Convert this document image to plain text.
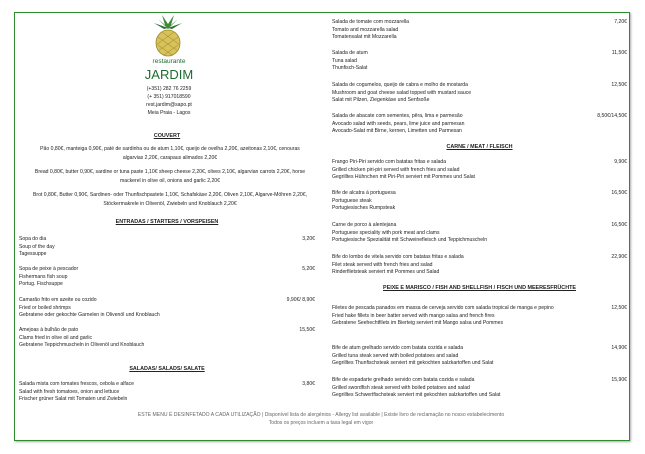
restaurante
JARDIM
(+351) 282 76 2259
(+ 351) 917018590
rest.jardim@sapo.pt
Meia Praia - Lagos
COUVERT
Pão 0,80€, manteiga 0,90€, paté de sardinha ou de atum 1,10€, queijo de ovelha 2,20€, azeitonas 2,10€, cenouras algarvias 2,20€, carapaus alimados 2,20€
Bread 0,80€, butter 0,90€, sardine or tuna paste 1,10€ sheep cheese 2,20€, olives 2,10€, algarvian carrots 2,20€, horse mackerel in olive oil, onions and garlic 2,20€
Brot 0,80€, Butter 0,90€, Sardinen- oder Thunfischpastete 1,10€, Schafskäse 2,20€, Oliven 2,10€, Algarve-Möhren 2,20€, Stöckermakrele in Olivenöl, Zwiebeln und Knoblauch 2,20€
ENTRADAS / STARTERS / VORSPEISEN
Sopa do dia
Soup of the day
Tagessuppe
3,20€
Sopa de peixe à pescador
Fishermans fish soup
Portug. Fischsuppe
5,20€
Camarão frito em azeite ou cozido
Fried or boiled shrimps
Gebratene oder gekochte Garnelen in Olivenöl und Knoblauch
9,90€/ 8,90€
Amejoas à bulhão de pato
Clams fried in olive oil and garlic
Gebratene Teppichmuscheln in Olivenöl und Knoblauch
15,50€
SALADAS/ SALADS/ SALATE
Salada mista com tomates frescos, cebola e alface
Salad with fresh tomatoes, onion and lettuce
Frischer grüner Salat mit Tomaten und Zwiebeln
3,80€
Salada de tomate com mozzarella
Tomato and mozzarella salad
Tomatensalat mit Mozzarella
7,20€
Salada de atum
Tuna salad
Thunfisch-Salat
11,50€
Salada de cogumelos, queijo de cabra e molho de mostarda
Mushroom and goat cheese salad topped with mustard sauce
Salat mit Pilzen, Ziegenkäse und Senfsoße
12,50€
Salada de abacate com sementes, pêra, lima e parmesão
Avocado salad with seeds, pears, lime juice and parmesan
Avocado-Salat mit Birne, kernen, Limetten und Parmesan
8,50€/14,50€
CARNE / MEAT / FLEISCH
Frango Piri-Piri servido com batatas fritas e salada
Grilled chicken piri-piri served with french fries and salad
Gegrilltes Hühnchen mit Piri-Piri serviert mit Pommes und Salat
9,90€
Bife de alcatra à portuguesa
Portuguese steak
Portugiesisches Rumpsteak
16,50€
Carne de porco à alentejana
Portuguese speciality with pork meat and clams
Portugiesische Spezialität mit Schweinefleisch und Teppichmuscheln
16,50€
Bife do lombo de vitela servido com batatas fritas e salada
Filet steak served with french fries and salad
Rinderfiletsteak serviert mit Pommes und Salad
22,90€
PEIXE E MARISCO / FISH AND SHELLFISH / FISCH UND MEERESFRÜCHTE
Filetes de pescada panados em massa de cerveja servido com salada tropical de manga e pepino
Fried hake fillets in beer batter served with mango salsa and french fires
Gebratene Seehechtfilets im Bierteig serviert mit Mango salsa und Pommes
12,50€
Bife de atum grelhado servido com batata cozida e salada
Grilled tuna steak served with boiled potatoes and salad
Gegrilltes Thunfischsteak serviert mit gekochten salzkartoffen und Salat
14,90€
Bife de espadarte grelhado servido com batata cozida e salada
Grilled swordfish steak served with boiled potatoes and salad
Gegrilltes Schwertfischsteak serviert mit gekochten salzkartoffen und Salat
15,90€
ESTE MENU É DESINFETADO A CADA UTILIZAÇÃO | Disponível lista de alergénios - Allergy list available | Existe livro de reclamação no nosso estabelecimento
Todos os preços incluem a taxa legal em vigor
